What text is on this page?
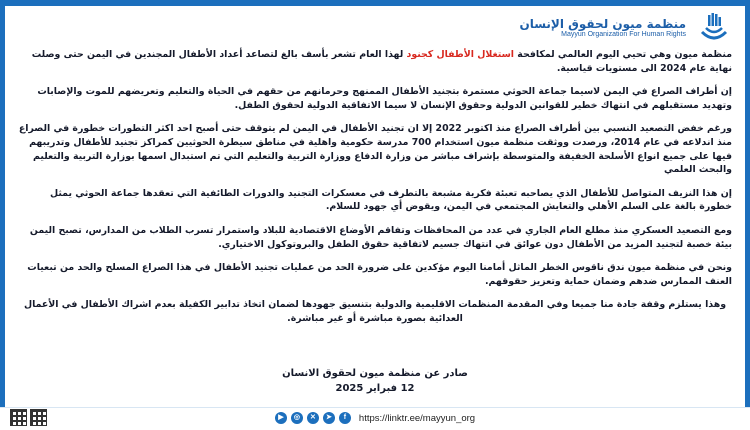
منظمة ميون لحقوق الإنسان
Mayyun Organization For Human Rights

منظمة ميون وهي تحيي اليوم العالمي لمكافحة استغلال الأطفال كجنود لهذا العام تشعر بأسف بالغ لتصاعد أعداد الأطفال المجندين في اليمن حتى وصلت نهاية عام 2024 الى مستويات قياسية.

إن أطراف الصراع في اليمن لاسيما جماعة الحوثي مستمرة بتجنيد الأطفال الممنهج وحرمانهم من حقهم في الحياة والتعليم وتعريضهم للموت والإصابات وتهديد مستقبلهم في انتهاك خطير للقوانين الدولية وحقوق الإنسان لا سيما الاتفاقية الدولية لحقوق الطفل.

ورغم خفض التصعيد النسبي بين أطراف الصراع منذ اكتوبر 2022 إلا ان تجنيد الأطفال في اليمن لم يتوقف حتى أصبح احد اكثر التطورات خطورة في الصراع منذ اندلاعه في عام 2014، ورصدت ووثقت منظمة ميون استخدام 700 مدرسة حكومية واهلية في مناطق سيطرة الحوثيين كمراكز تجنيد للأطفال وتدريبهم فيها على جميع انواع الأسلحة الخفيفة والمتوسطة بإشراف مباشر من وزارة الدفاع ووزارة التربية والتعليم التي تم استبدال اسمها بوزارة التربية والتعليم والبحث العلمي

إن هذا النزيف المتواصل للأطفال الذي يصاحبه تعبئة فكرية مشبعة بالتطرف في معسكرات التجنيد والدورات الطائفية التي تعقدها جماعة الحوثي يمثل خطورة بالغة على السلم الأهلي والتعايش المجتمعي في اليمن، ويقوض أي جهود للسلام.

ومع التصعيد العسكري منذ مطلع العام الجاري في عدد من المحافظات وتفاقم الأوضاع الاقتصادية للبلاد واستمرار تسرب الطلاب من المدارس، تصبح اليمن بيئة خصبة لتجنيد المزيد من الأطفال دون عوائق في انتهاك جسيم لاتفاقية حقوق الطفل والبروتوكول الاختياري.

ونحن في منظمة ميون ندق ناقوس الخطر الماثل أمامنا اليوم مؤكدين على ضرورة الحد من عمليات تجنيد الأطفال في هذا الصراع المسلح والحد من تبعيات العنف الممارس ضدهم وضمان حماية وتعزيز حقوقهم.

وهذا يستلزم وقفة جادة منا جميعا وفي المقدمة المنظمات الاقليمية والدولية بتنسيق جهودها لضمان اتخاذ تدابير الكفيلة بعدم اشراك الأطفال في الأعمال العدائية بصورة مباشرة أو غير مباشرة.

صادر عن منظمة ميون لحقوق الانسان
12 فبراير 2025
▶	◎	✕	➤	f	https://linktr.ee/mayyun_org
